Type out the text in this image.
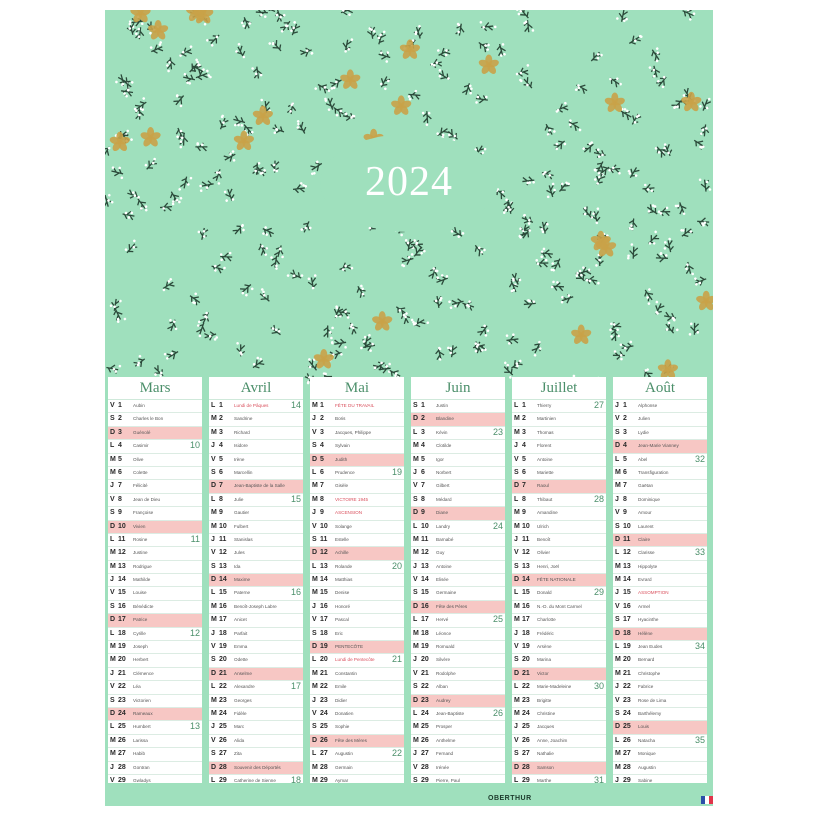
2024
Mars
V 1	Aubin
S 2	Charles le Bon
D 3	Guénolé
L 4	Casimir	10
M 5	Olive
M 6	Colette
J 7	Félicité
V 8	Jean de Dieu
S 9	Françoise
D 10	Vivien
L 11	Rosine	11
M 12	Justine
M 13	Rodrigue
J 14	Mathilde
V 15	Louise
S 16	Bénédicte
D 17	Patrice
L 18	Cyrille	12
M 19	Joseph
M 20	Herbert
J 21	Clémence
V 22	Léa
S 23	Victorien
D 24	Rameaux
L 25	Humbert	13
M 26	Larissa
M 27	Habib
J 28	Gontran
V 29	Gwladys
Avril
L 1	Lundi de Pâques	14
M 2	Sandrine
M 3	Richard
J 4	Isidore
V 5	Irène
S 6	Marcellin
D 7	Jean-Baptiste de la Salle
L 8	Julie	15
M 9	Gautier
M 10	Fulbert
J 11	Stanislas
V 12	Jules
S 13	Ida
D 14	Maxime
L 15	Paterne	16
M 16	Benoît-Joseph Labre
M 17	Anicet
J 18	Parfait
V 19	Emma
S 20	Odette
D 21	Anselme
L 22	Alexandre	17
M 23	Georges
M 24	Fidèle
J 25	Marc
V 26	Alida
S 27	Zita
D 28	Souvenir des Déportés
L 29	Catherine de Sienne	18
Mai
M 1	FÊTE DU TRAVAIL
J 2	Boris
V 3	Jacques, Philippe
S 4	Sylvain
D 5	Judith
L 6	Prudence	19
M 7	Gisèle
M 8	VICTOIRE 1945
J 9	ASCENSION
V 10	Solange
S 11	Estelle
D 12	Achille
L 13	Rolande	20
M 14	Matthias
M 15	Denise
J 16	Honoré
V 17	Pascal
S 18	Eric
D 19	PENTECÔTE
L 20	Lundi de Pentecôte	21
M 21	Constantin
M 22	Emile
J 23	Didier
V 24	Donatien
S 25	Sophie
D 26	Fête des Mères
L 27	Augustin	22
M 28	Germain
M 29	Aymar
Juin
S 1	Justin
D 2	Blandine
L 3	Kévin	23
M 4	Clotilde
M 5	Igor
J 6	Norbert
V 7	Gilbert
S 8	Médard
D 9	Diane
L 10	Landry	24
M 11	Barnabé
M 12	Guy
J 13	Antoine
V 14	Elisée
S 15	Germaine
D 16	Fête des Pères
L 17	Hervé	25
M 18	Léonce
M 19	Romuald
J 20	Silvère
V 21	Rodolphe
S 22	Alban
D 23	Audrey
L 24	Jean-Baptiste	26
M 25	Prosper
M 26	Anthelme
J 27	Fernand
V 28	Irénée
S 29	Pierre, Paul
Juillet
L 1	Thierry	27
M 2	Martinien
M 3	Thomas
J 4	Florent
V 5	Antoine
S 6	Mariette
D 7	Raoul
L 8	Thibaut	28
M 9	Amandine
M 10	Ulrich
J 11	Benoît
V 12	Olivier
S 13	Henri, Joël
D 14	FÊTE NATIONALE
L 15	Donald	29
M 16	N.-D. du Mont Carmel
M 17	Charlotte
J 18	Frédéric
V 19	Arsène
S 20	Marina
D 21	Victor
L 22	Marie-Madeleine	30
M 23	Brigitte
M 24	Christine
J 25	Jacques
V 26	Anne, Joachim
S 27	Nathalie
D 28	Samson
L 29	Marthe	31
Août
J 1	Alphonse
V 2	Julien
S 3	Lydie
D 4	Jean-Marie Vianney
L 5	Abel	32
M 6	Transfiguration
M 7	Gaëtan
J 8	Dominique
V 9	Amour
S 10	Laurent
D 11	Claire
L 12	Clarisse	33
M 13	Hippolyte
M 14	Evrard
J 15	ASSOMPTION
V 16	Armel
S 17	Hyacinthe
D 18	Hélène
L 19	Jean Eudes	34
M 20	Bernard
M 21	Christophe
J 22	Fabrice
V 23	Rose de Lima
S 24	Barthélemy
D 25	Louis
L 26	Natacha	35
M 27	Monique
M 28	Augustin
J 29	Sabine
OBERTHUR
